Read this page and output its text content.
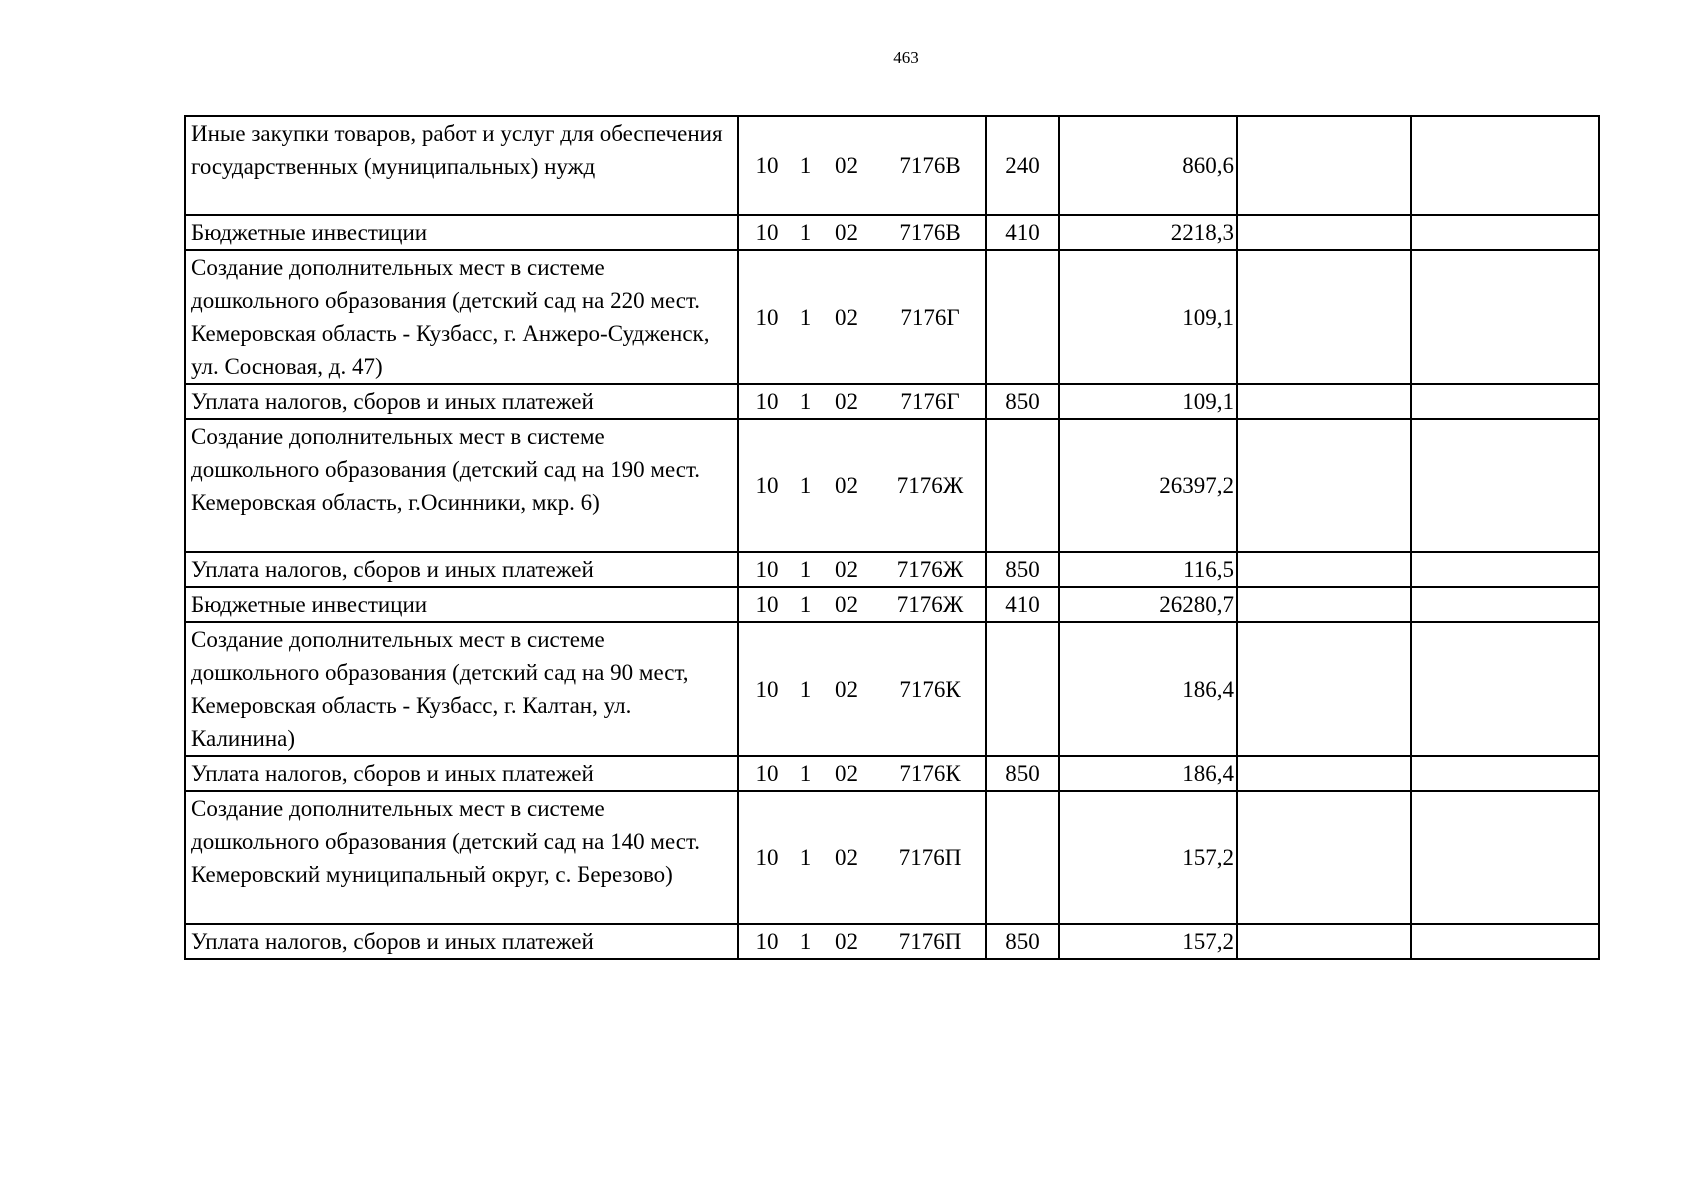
463
Иные закупки товаров, работ и услуг для обеспечения государственных (муниципальных) нужд	10 1 02 7176В	240	860,6		
Бюджетные инвестиции	10 1 02 7176В	410	2218,3		
Создание дополнительных мест в системе дошкольного образования (детский сад на 220 мест. Кемеровская область - Кузбасс, г. Анжеро-Судженск, ул. Сосновая, д. 47)	10 1 02 7176Г		109,1		
Уплата налогов, сборов и иных платежей	10 1 02 7176Г	850	109,1		
Создание дополнительных мест в системе дошкольного образования (детский сад на 190 мест. Кемеровская область, г.Осинники, мкр. 6)	10 1 02 7176Ж		26397,2		
Уплата налогов, сборов и иных платежей	10 1 02 7176Ж	850	116,5		
Бюджетные инвестиции	10 1 02 7176Ж	410	26280,7		
Создание дополнительных мест в системе дошкольного образования (детский сад на 90 мест, Кемеровская область - Кузбасс, г. Калтан, ул. Калинина)	10 1 02 7176К		186,4		
Уплата налогов, сборов и иных платежей	10 1 02 7176К	850	186,4		
Создание дополнительных мест в системе дошкольного образования (детский сад на 140 мест. Кемеровский муниципальный округ, с. Березово)	10 1 02 7176П		157,2		
Уплата налогов, сборов и иных платежей	10 1 02 7176П	850	157,2		
